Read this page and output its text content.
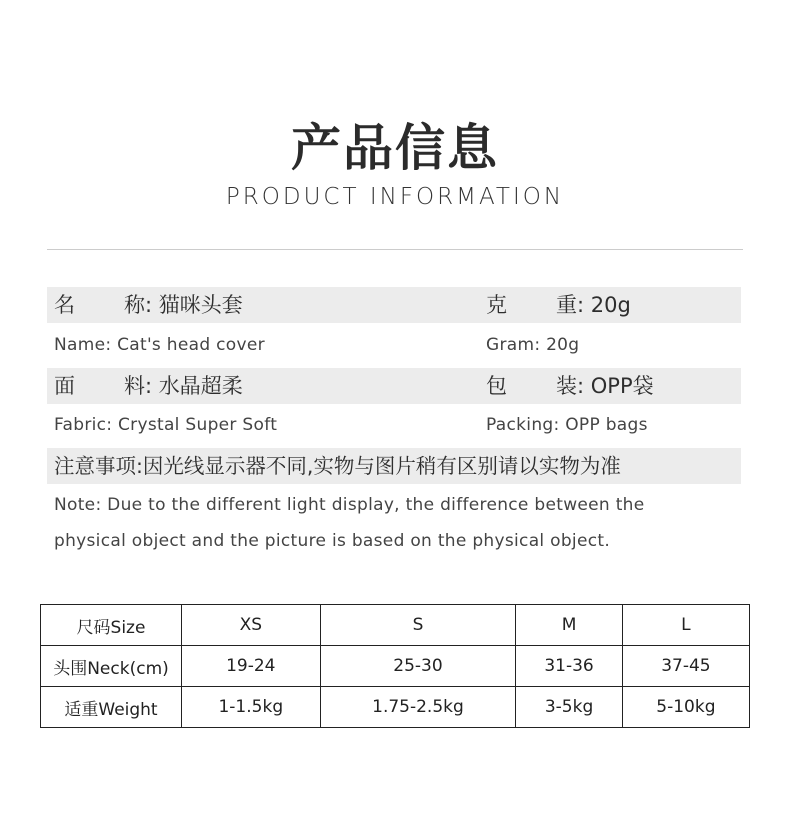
产品信息
PRODUCT INFORMATION
名 称: 猫咪头套	克 重: 20g
Name: Cat's head cover	Gram: 20g
面 料: 水晶超柔	包 装: OPP袋
Fabric: Crystal Super Soft	Packing: OPP bags
注意事项:因光线显示器不同,实物与图片稍有区别请以实物为准
Note: Due to the different light display, the difference between the
physical object and the picture is based on the physical object.
尺码Size	XS	S	M	L
头围Neck(cm)	19-24	25-30	31-36	37-45
适重Weight	1-1.5kg	1.75-2.5kg	3-5kg	5-10kg
